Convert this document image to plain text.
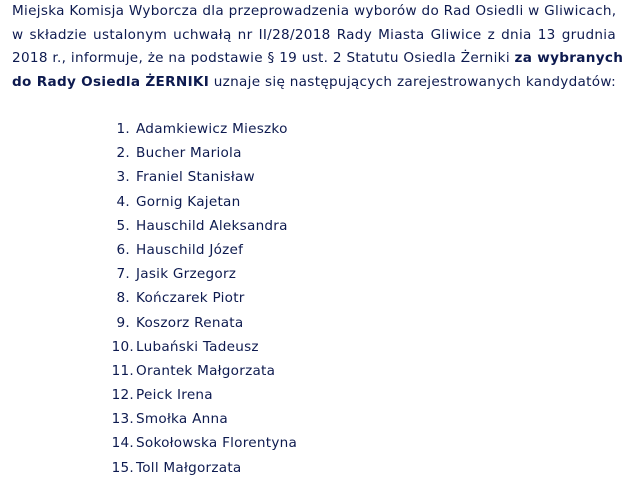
Miejska Komisja Wyborcza dla przeprowadzenia wyborów do Rad Osiedli w Gliwicach,
w składzie ustalonym uchwałą nr II/28/2018 Rady Miasta Gliwice z dnia 13 grudnia
2018 r., informuje, że na podstawie § 19 ust. 2 Statutu Osiedla Żerniki za wybranych
do Rady Osiedla ŻERNIKI uznaje się następujących zarejestrowanych kandydatów:

1. Adamkiewicz Mieszko
2. Bucher Mariola
3. Franiel Stanisław
4. Gornig Kajetan
5. Hauschild Aleksandra
6. Hauschild Józef
7. Jasik Grzegorz
8. Kończarek Piotr
9. Koszorz Renata
10. Lubański Tadeusz
11. Orantek Małgorzata
12. Peick Irena
13. Smołka Anna
14. Sokołowska Florentyna
15. Toll Małgorzata
